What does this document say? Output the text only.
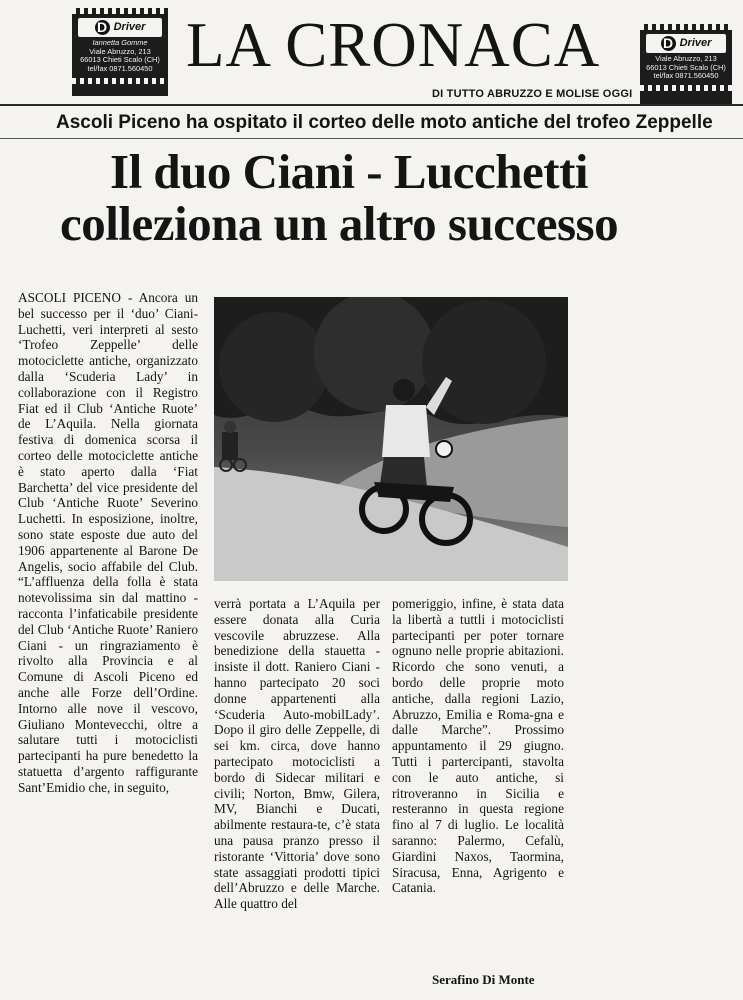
D Driver
Iannetta Gomme
Viale Abruzzo, 213
66013 Chieti Scalo (CH)
tel/fax 0871.560450 LA CRONACA
DI TUTTO ABRUZZO E MOLISE OGGI
D Driver
Viale Abruzzo, 213
66013 Chieti Scalo (CH)
tel/fax 0871.560450
Ascoli Piceno ha ospitato il corteo delle moto antiche del trofeo Zeppelle
Il duo Ciani - Lucchetti
colleziona un altro successo
ASCOLI PICENO - Ancora un bel successo per il ‘duo’ Ciani-Luchetti, veri interpreti al sesto ‘Trofeo Zeppelle’ delle motociclette antiche, organizzato dalla ‘Scuderia Lady’ in collaborazione con il Registro Fiat ed il Club ‘Antiche Ruote’ de L’Aquila. Nella giornata festiva di domenica scorsa il corteo delle motociclette antiche è stato aperto dalla ‘Fiat Barchetta’ del vice presidente del Club ‘Antiche Ruote’ Severino Luchetti. In esposizione, inoltre, sono state esposte due auto del 1906 appartenente al Barone De Angelis, socio affabile del Club. “L’affluenza della folla è stata notevolissima sin dal mattino - racconta l’infaticabile presidente del Club ‘Antiche Ruote’ Raniero Ciani - un ringraziamento è rivolto alla Provincia e al Comune di Ascoli Piceno ed anche alle Forze dell’Ordine. Intorno alle nove il vescovo, Giuliano Montevecchi, oltre a salutare tutti i motociclisti partecipanti ha pure benedetto la statuetta d’argento raffigurante Sant’Emidio che, in seguito,
verrà portata a L’Aquila per essere donata alla Curia vescovile abruzzese. Alla benedizione della stauetta - insiste il dott. Raniero Ciani - hanno partecipato 20 soci donne appartenenti alla ‘Scuderia Auto-mobilLady’. Dopo il giro delle Zeppelle, di sei km. circa, dove hanno partecipato motociclisti a bordo di Sidecar militari e civili; Norton, Bmw, Gilera, MV, Bianchi e Ducati, abilmente restaura-te, c’è stata una pausa pranzo presso il ristorante ‘Vittoria’ dove sono state assaggiati prodotti tipici dell’Abruzzo e delle Marche. Alle quattro del
pomeriggio, infine, è stata data la libertà a tuttli i motociclisti partecipanti per poter tornare ognuno nelle proprie abitazioni. Ricordo che sono venuti, a bordo delle proprie moto antiche, dalla regioni Lazio, Abruzzo, Emilia e Roma-gna e dalle Marche”. Prossimo appuntamento il 29 giugno. Tutti i partercipanti, stavolta con le auto antiche, si ritroveranno in Sicilia e resteranno in questa regione fino al 7 di luglio. Le località saranno: Palermo, Cefalù, Giardini Naxos, Taormina, Siracusa, Enna, Agrigento e Catania.
Serafino Di Monte
